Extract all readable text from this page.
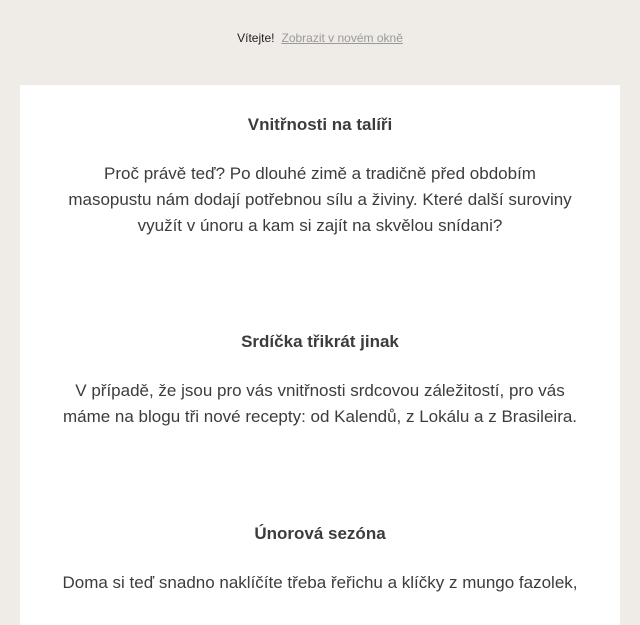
Vítejte! Zobrazit v novém okně
Vnitřnosti na talíři

Proč právě teď? Po dlouhé zimě a tradičně před obdobím masopustu nám dodají potřebnou sílu a živiny. Které další suroviny využít v únoru a kam si zajít na skvělou snídani?

Srdíčka třikrát jinak

V případě, že jsou pro vás vnitřnosti srdcovou záležitostí, pro vás máme na blogu tři nové recepty: od Kalendů, z Lokálu a z Brasileira.

Únorová sezóna

Doma si teď snadno naklíčíte třeba řeřichu a klíčky z mungo fazolek,
